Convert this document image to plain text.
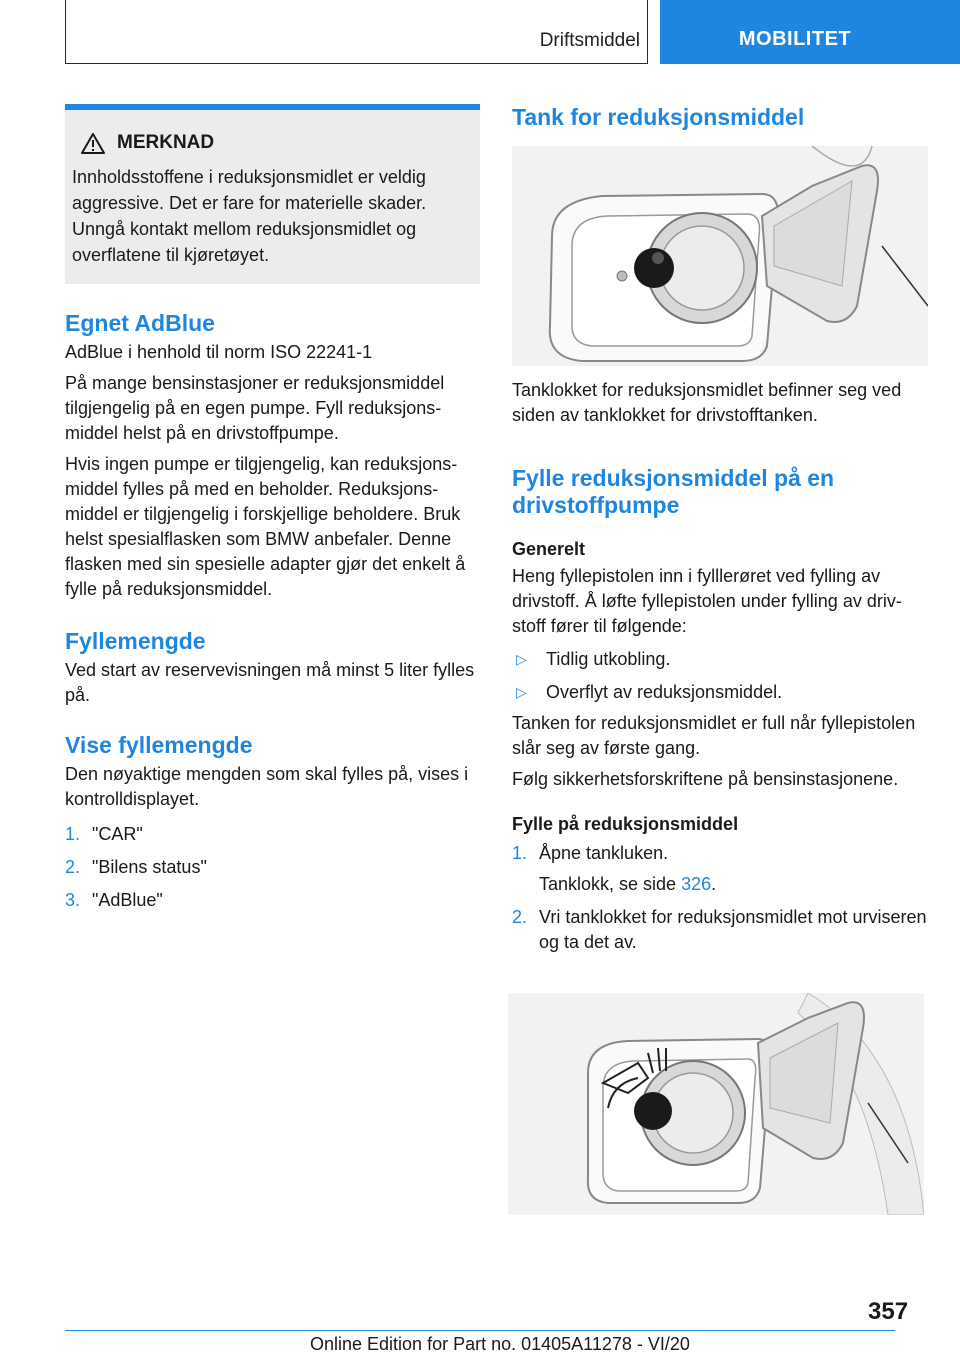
Driftsmiddel	MOBILITET
MERKNAD
Innholdsstoffene i reduksjonsmidlet er veldig aggressive. Det er fare for materielle skader. Unngå kontakt mellom reduksjonsmidlet og overflatene til kjøretøyet.
Egnet AdBlue

AdBlue i henhold til norm ISO 22241-1

På mange bensinstasjoner er reduksjonsmiddel tilgjengelig på en egen pumpe. Fyll reduksjonsmiddel helst på en drivstoffpumpe.

Hvis ingen pumpe er tilgjengelig, kan reduksjonsmiddel fylles på med en beholder. Reduksjonsmiddel er tilgjengelig i forskjellige beholdere. Bruk helst spesialflasken som BMW anbefaler. Denne flasken med sin spesielle adapter gjør det enkelt å fylle på reduksjonsmiddel.

Fyllemengde

Ved start av reservevisningen må minst 5 liter fylles på.

Vise fyllemengde

Den nøyaktige mengden som skal fylles på, vises i kontrolldisplayet.

1. "CAR"
2. "Bilens status"
3. "AdBlue"
Tank for reduksjonsmiddel

Tanklokket for reduksjonsmidlet befinner seg ved siden av tanklokket for drivstofftanken.

Fylle reduksjonsmiddel på en drivstoffpumpe
Generelt

Heng fyllepistolen inn i fylllerøret ved fylling av drivstoff. Å løfte fyllepistolen under fylling av drivstoff fører til følgende:

▷	Tidlig utkobling.
▷	Overflyt av reduksjonsmiddel.

Tanken for reduksjonsmidlet er full når fyllepistolen slår seg av første gang.

Følg sikkerhetsforskriftene på bensinstasjonene.

Fylle på reduksjonsmiddel
1. Åpne tankluken.
Tanklokk, se side 326.
2. Vri tanklokket for reduksjonsmidlet mot urviseren og ta det av.
357
Online Edition for Part no. 01405A11278 - VI/20
